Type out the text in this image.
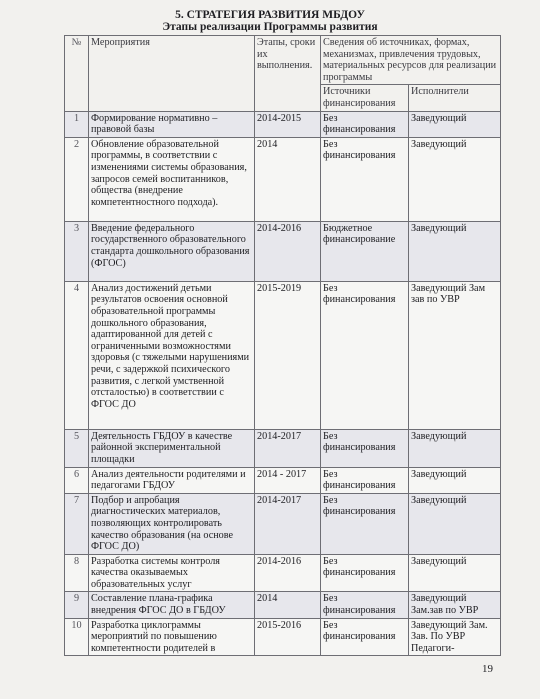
5. СТРАТЕГИЯ РАЗВИТИЯ МБДОУ
Этапы реализации Программы развития
№	Мероприятия	Этапы, сроки их выполнения.	Сведения об источниках, формах, механизмах, привлечения трудовых, материальных ресурсов для реализации программы	
			Источники финансирования	Исполнители
1	Формирование нормативно – правовой базы	2014-2015	Без финансирования	Заведующий
2	Обновление образовательной программы, в соответствии с изменениями системы образования, запросов семей воспитанников, общества (внедрение компетентностного подхода).	2014	Без финансирования	Заведующий
3	Введение федерального государственного образовательного стандарта дошкольного образования (ФГОС)	2014-2016	Бюджетное финансирование	Заведующий
4	Анализ достижений детьми результатов освоения основной образовательной программы дошкольного образования, адаптированной для детей с ограниченными возможностями здоровья (с тяжелыми нарушениями речи, с задержкой психического развития, с легкой умственной отсталостью) в соответствии с ФГОС ДО	2015-2019	Без финансирования	Заведующий Зам зав по УВР
5	Деятельность ГБДОУ в качестве районной экспериментальной площадки	2014-2017	Без финансирования	Заведующий
6	Анализ деятельности родителями и педагогами ГБДОУ	2014 - 2017	Без финансирования	Заведующий
7	Подбор и апробация диагностических материалов, позволяющих контролировать качество образования (на основе ФГОС ДО)	2014-2017	Без финансирования	Заведующий
8	Разработка системы контроля качества оказываемых образовательных услуг	2014-2016	Без финансирования	Заведующий
9	Составление плана-графика внедрения ФГОС ДО в ГБДОУ	2014	Без финансирования	Заведующий Зам.зав по УВР
10	Разработка циклограммы мероприятий по повышению компетентности родителей в	2015-2016	Без финансирования	Заведующий Зам. Зав. По УВР Педагоги-
19
